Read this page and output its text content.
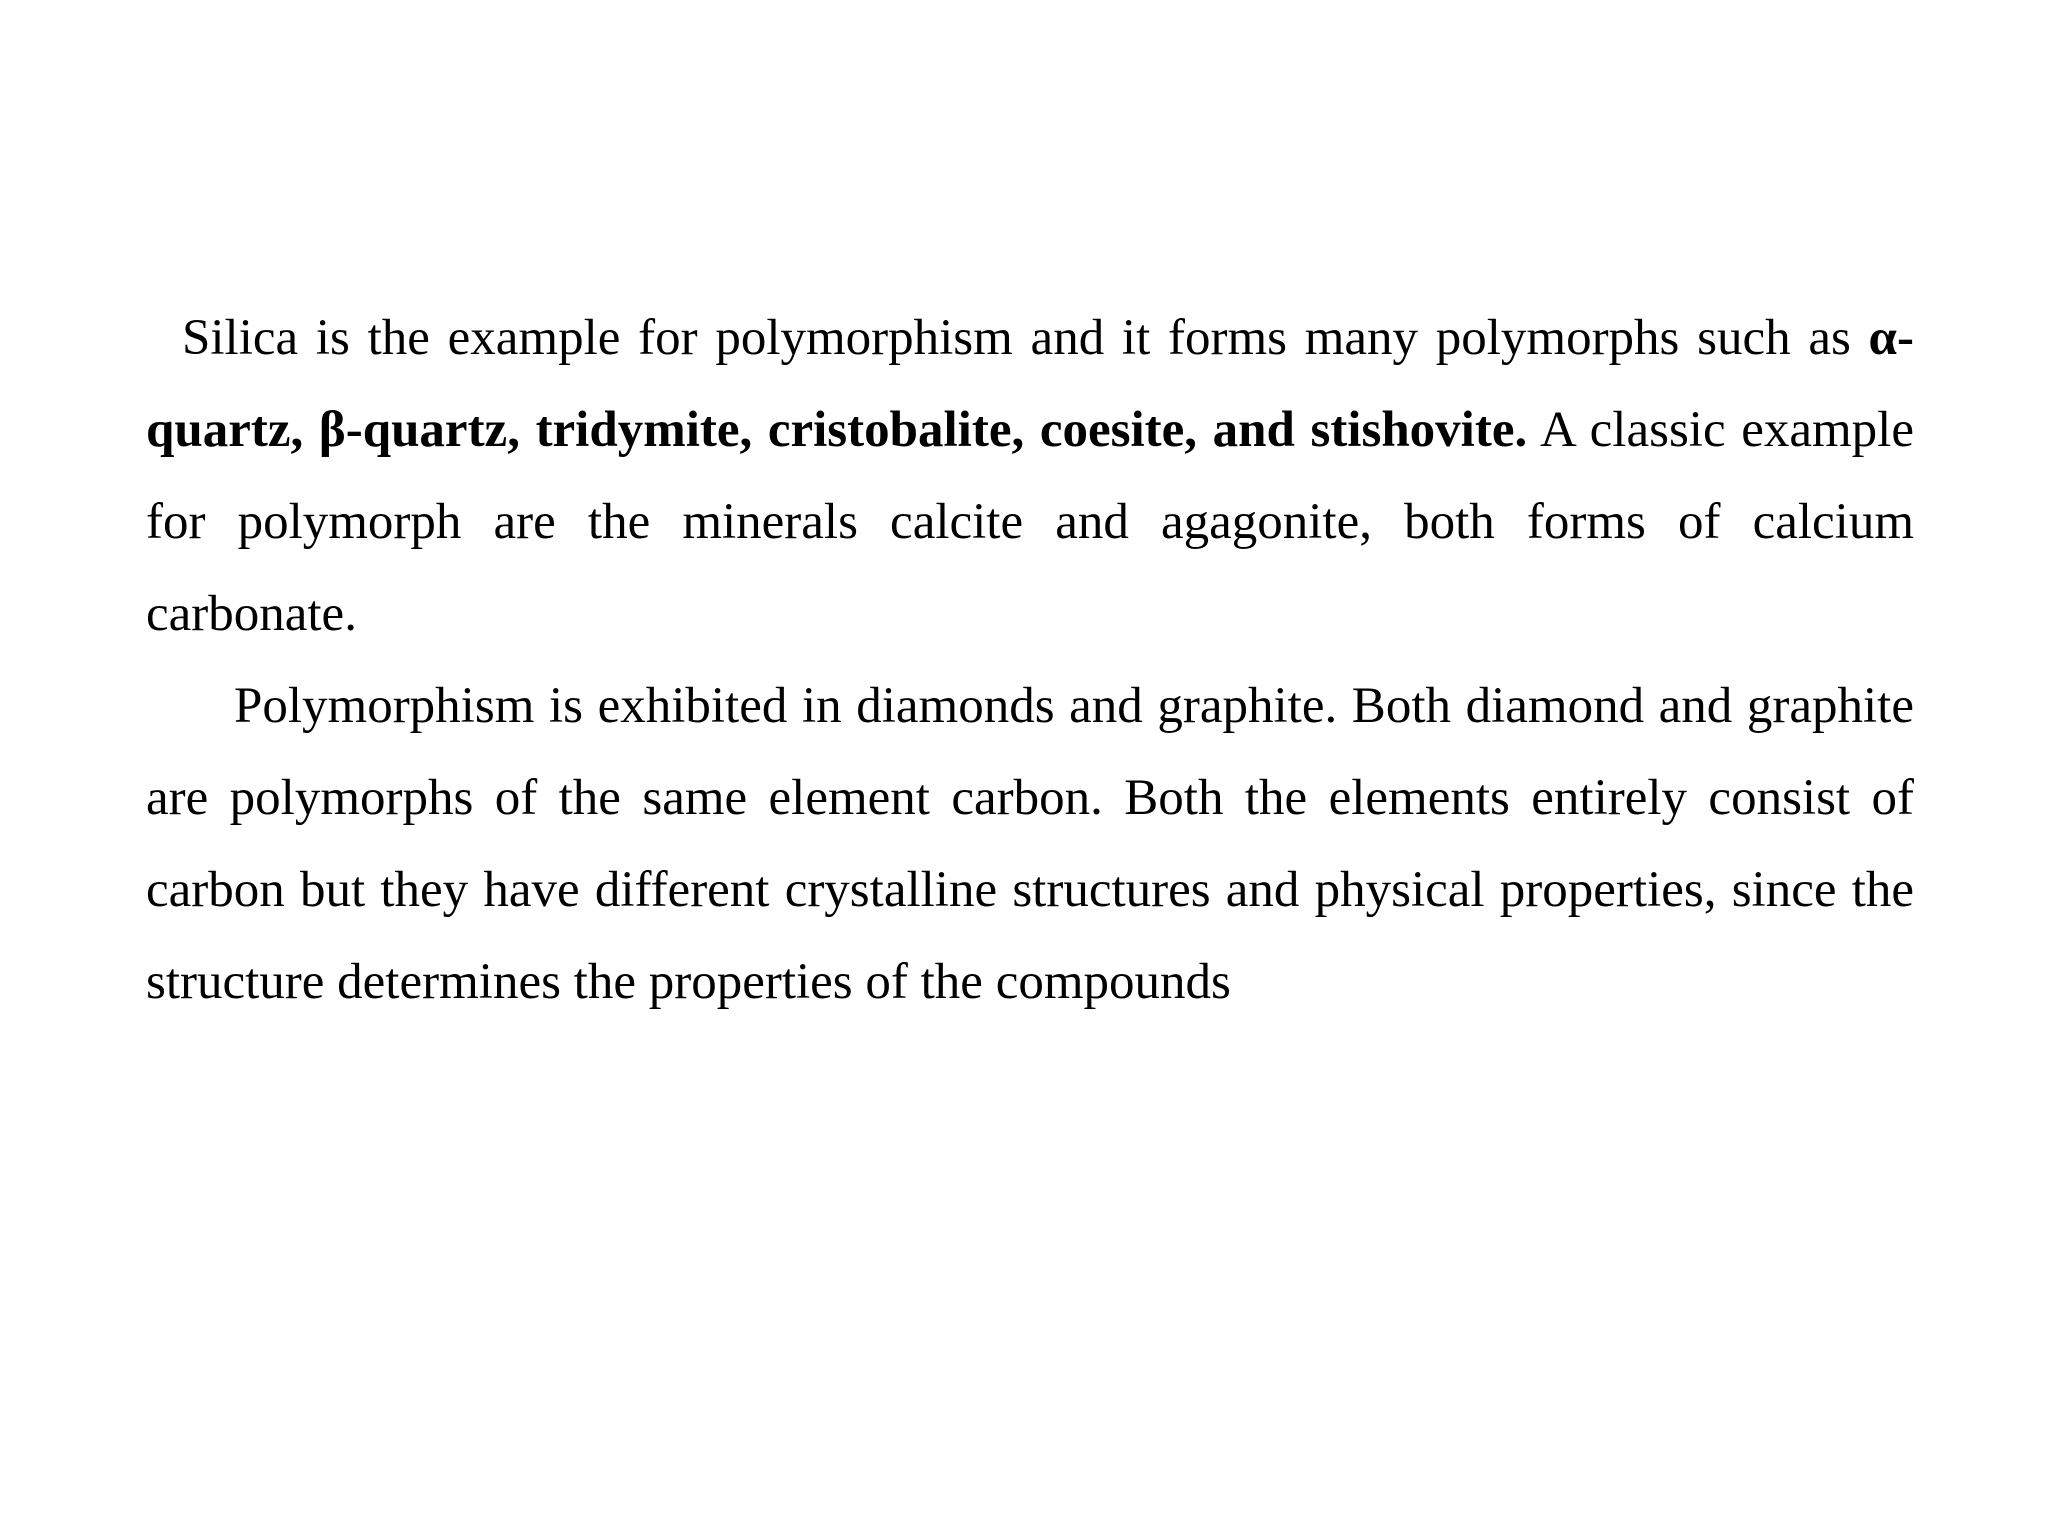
Silica is the example for polymorphism and it forms many polymorphs such as α-quartz, β-quartz, tridymite, cristobalite, coesite, and stishovite. A classic example for polymorph are the minerals calcite and agagonite, both forms of calcium carbonate.

Polymorphism is exhibited in diamonds and graphite. Both diamond and graphite are polymorphs of the same element carbon. Both the elements entirely consist of carbon but they have different crystalline structures and physical properties, since the structure determines the properties of the compounds
